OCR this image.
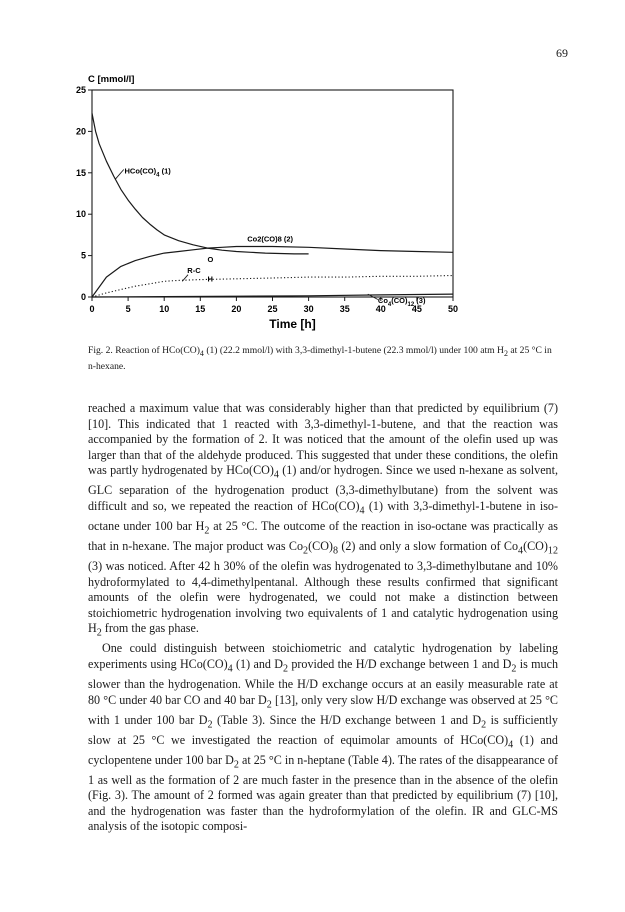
69
0
5
10
15
20
25
0	5	10	15	20	25	30	35	40	45	50
$HCo(CO)_4$ (1)
Co2(CO)8 (2)
R-C
O
H
$Co_4(CO)_{12}$ (3)
C [mmol/l]
Time [h]
Fig. 2. Reaction of $HCo(CO)_4$ (1) (22.2 mmol/l) with 3,3-dimethyl-1-butene (22.3 mmol/l) under 100 atm $H_2$ at 25 °C in n-hexane.

reached a maximum value that was considerably higher than that predicted by equilibrium (7) [10]. This indicated that 1 reacted with 3,3-dimethyl-1-butene, and that the reaction was accompanied by the formation of 2. It was noticed that the amount of the olefin used up was larger than that of the aldehyde produced. This suggested that under these conditions, the olefin was partly hydrogenated by $HCo(CO)_4$ (1) and/or hydrogen. Since we used n-hexane as solvent, GLC separation of the hydrogenation product (3,3-dimethylbutane) from the solvent was difficult and so, we repeated the reaction of $HCo(CO)_4$ (1) with 3,3-dimethyl-1-butene in iso-octane under 100 bar $H_2$ at 25 °C. The outcome of the reaction in iso-octane was practically as that in n-hexane. The major product was $Co_2(CO)_8$ (2) and only a slow formation of $Co_4(CO)_{12}$ (3) was noticed. After 42 h 30% of the olefin was hydrogenated to 3,3-dimethylbutane and 10% hydroformylated to 4,4-dimethylpentanal. Although these results confirmed that significant amounts of the olefin were hydrogenated, we could not make a distinction between stoichiometric hydrogenation involving two equivalents of 1 and catalytic hydrogenation using $H_2$ from the gas phase.

One could distinguish between stoichiometric and catalytic hydrogenation by labeling experiments using $HCo(CO)_4$ (1) and $D_2$ provided the H/D exchange between 1 and $D_2$ is much slower than the hydrogenation. While the H/D exchange occurs at an easily measurable rate at 80 °C under 40 bar CO and 40 bar $D_2$ [13], only very slow H/D exchange was observed at 25 °C with 1 under 100 bar $D_2$ (Table 3). Since the H/D exchange between 1 and $D_2$ is sufficiently slow at 25 °C we investigated the reaction of equimolar amounts of $HCo(CO)_4$ (1) and cyclopentene under 100 bar $D_2$ at 25 °C in n-heptane (Table 4). The rates of the disappearance of 1 as well as the formation of 2 are much faster in the presence than in the absence of the olefin (Fig. 3). The amount of 2 formed was again greater than that predicted by equilibrium (7) [10], and the hydrogenation was faster than the hydroformylation of the olefin. IR and GLC-MS analysis of the isotopic composi-
